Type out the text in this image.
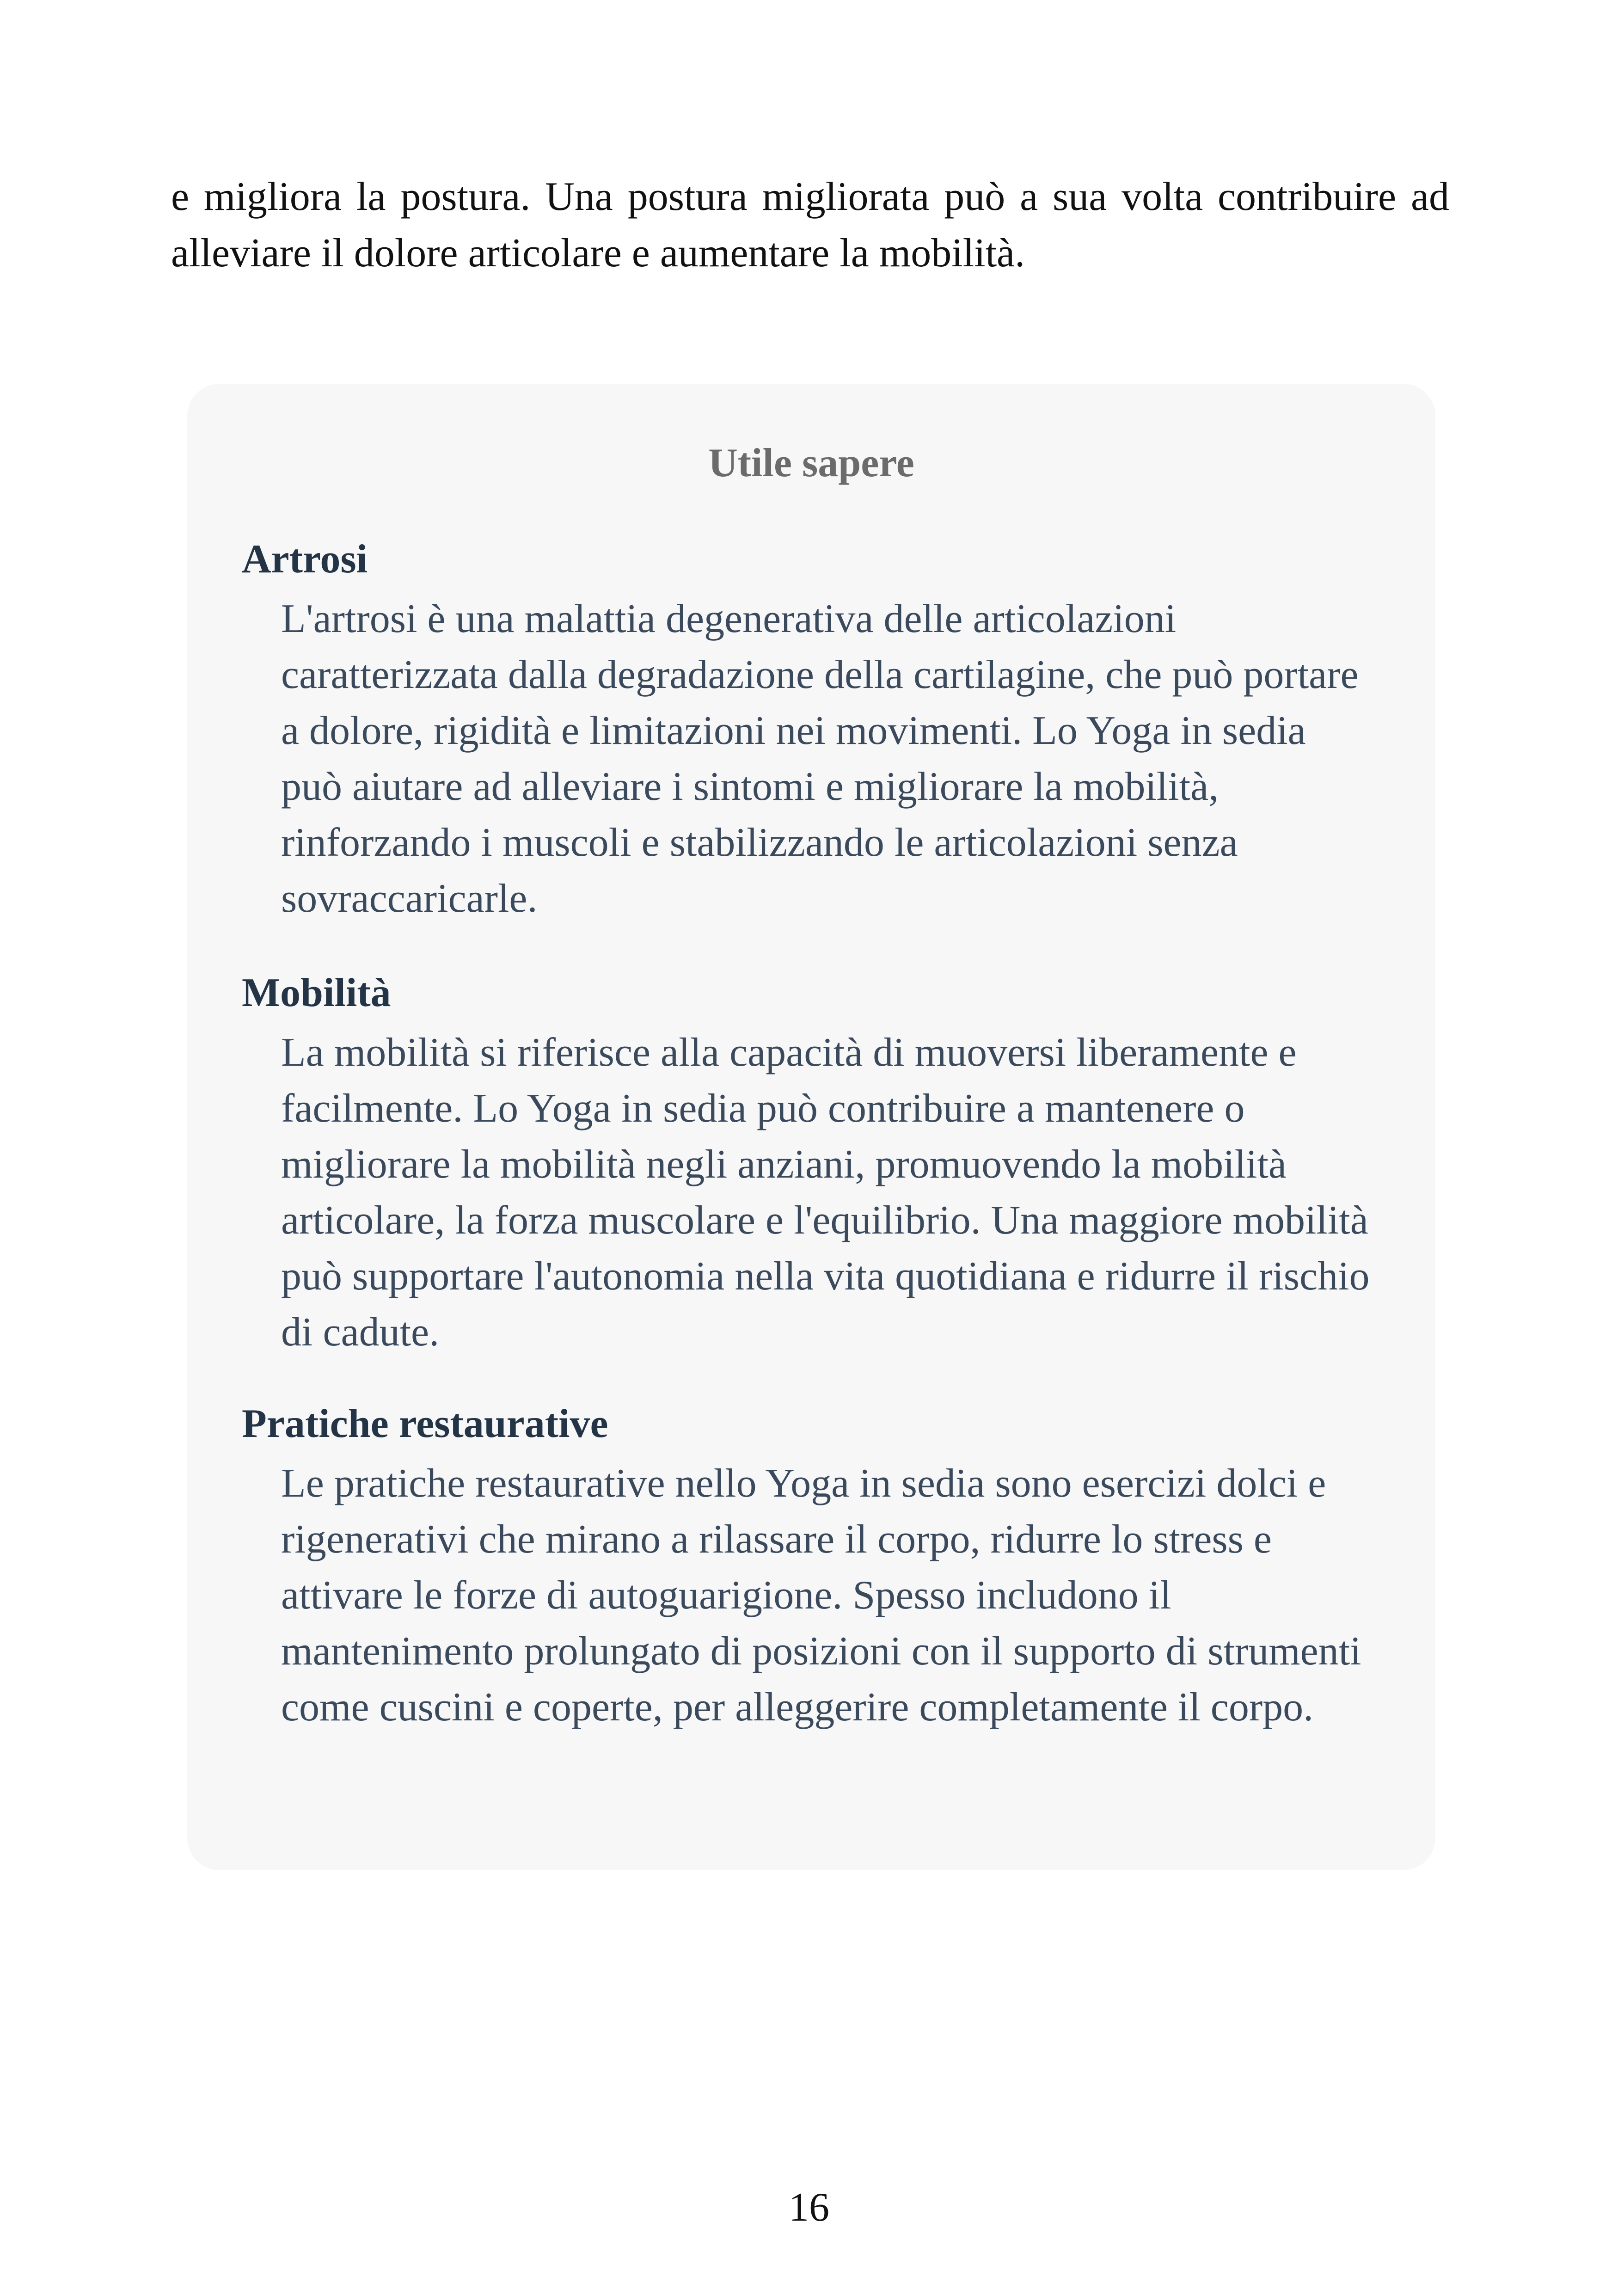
e migliora la postura. Una postura migliorata può a sua volta contribuire ad alleviare il dolore articolare e aumentare la mobilità.

Utile sapere
Artrosi

L'artrosi è una malattia degenerativa delle articolazioni caratterizzata dalla degradazione della cartilagine, che può portare a dolore, rigidità e limitazioni nei movimenti. Lo Yoga in sedia può aiutare ad alleviare i sintomi e migliorare la mobilità, rinforzando i muscoli e stabilizzando le articolazioni senza sovraccaricarle.

Mobilità

La mobilità si riferisce alla capacità di muoversi liberamente e facilmente. Lo Yoga in sedia può contribuire a mantenere o migliorare la mobilità negli anziani, promuovendo la mobilità articolare, la forza muscolare e l'equilibrio. Una maggiore mobilità può supportare l'autonomia nella vita quotidiana e ridurre il rischio di cadute.

Pratiche restaurative

Le pratiche restaurative nello Yoga in sedia sono esercizi dolci e rigenerativi che mirano a rilassare il corpo, ridurre lo stress e attivare le forze di autoguarigione. Spesso includono il mantenimento prolungato di posizioni con il supporto di strumenti come cuscini e coperte, per alleggerire completamente il corpo.

16
